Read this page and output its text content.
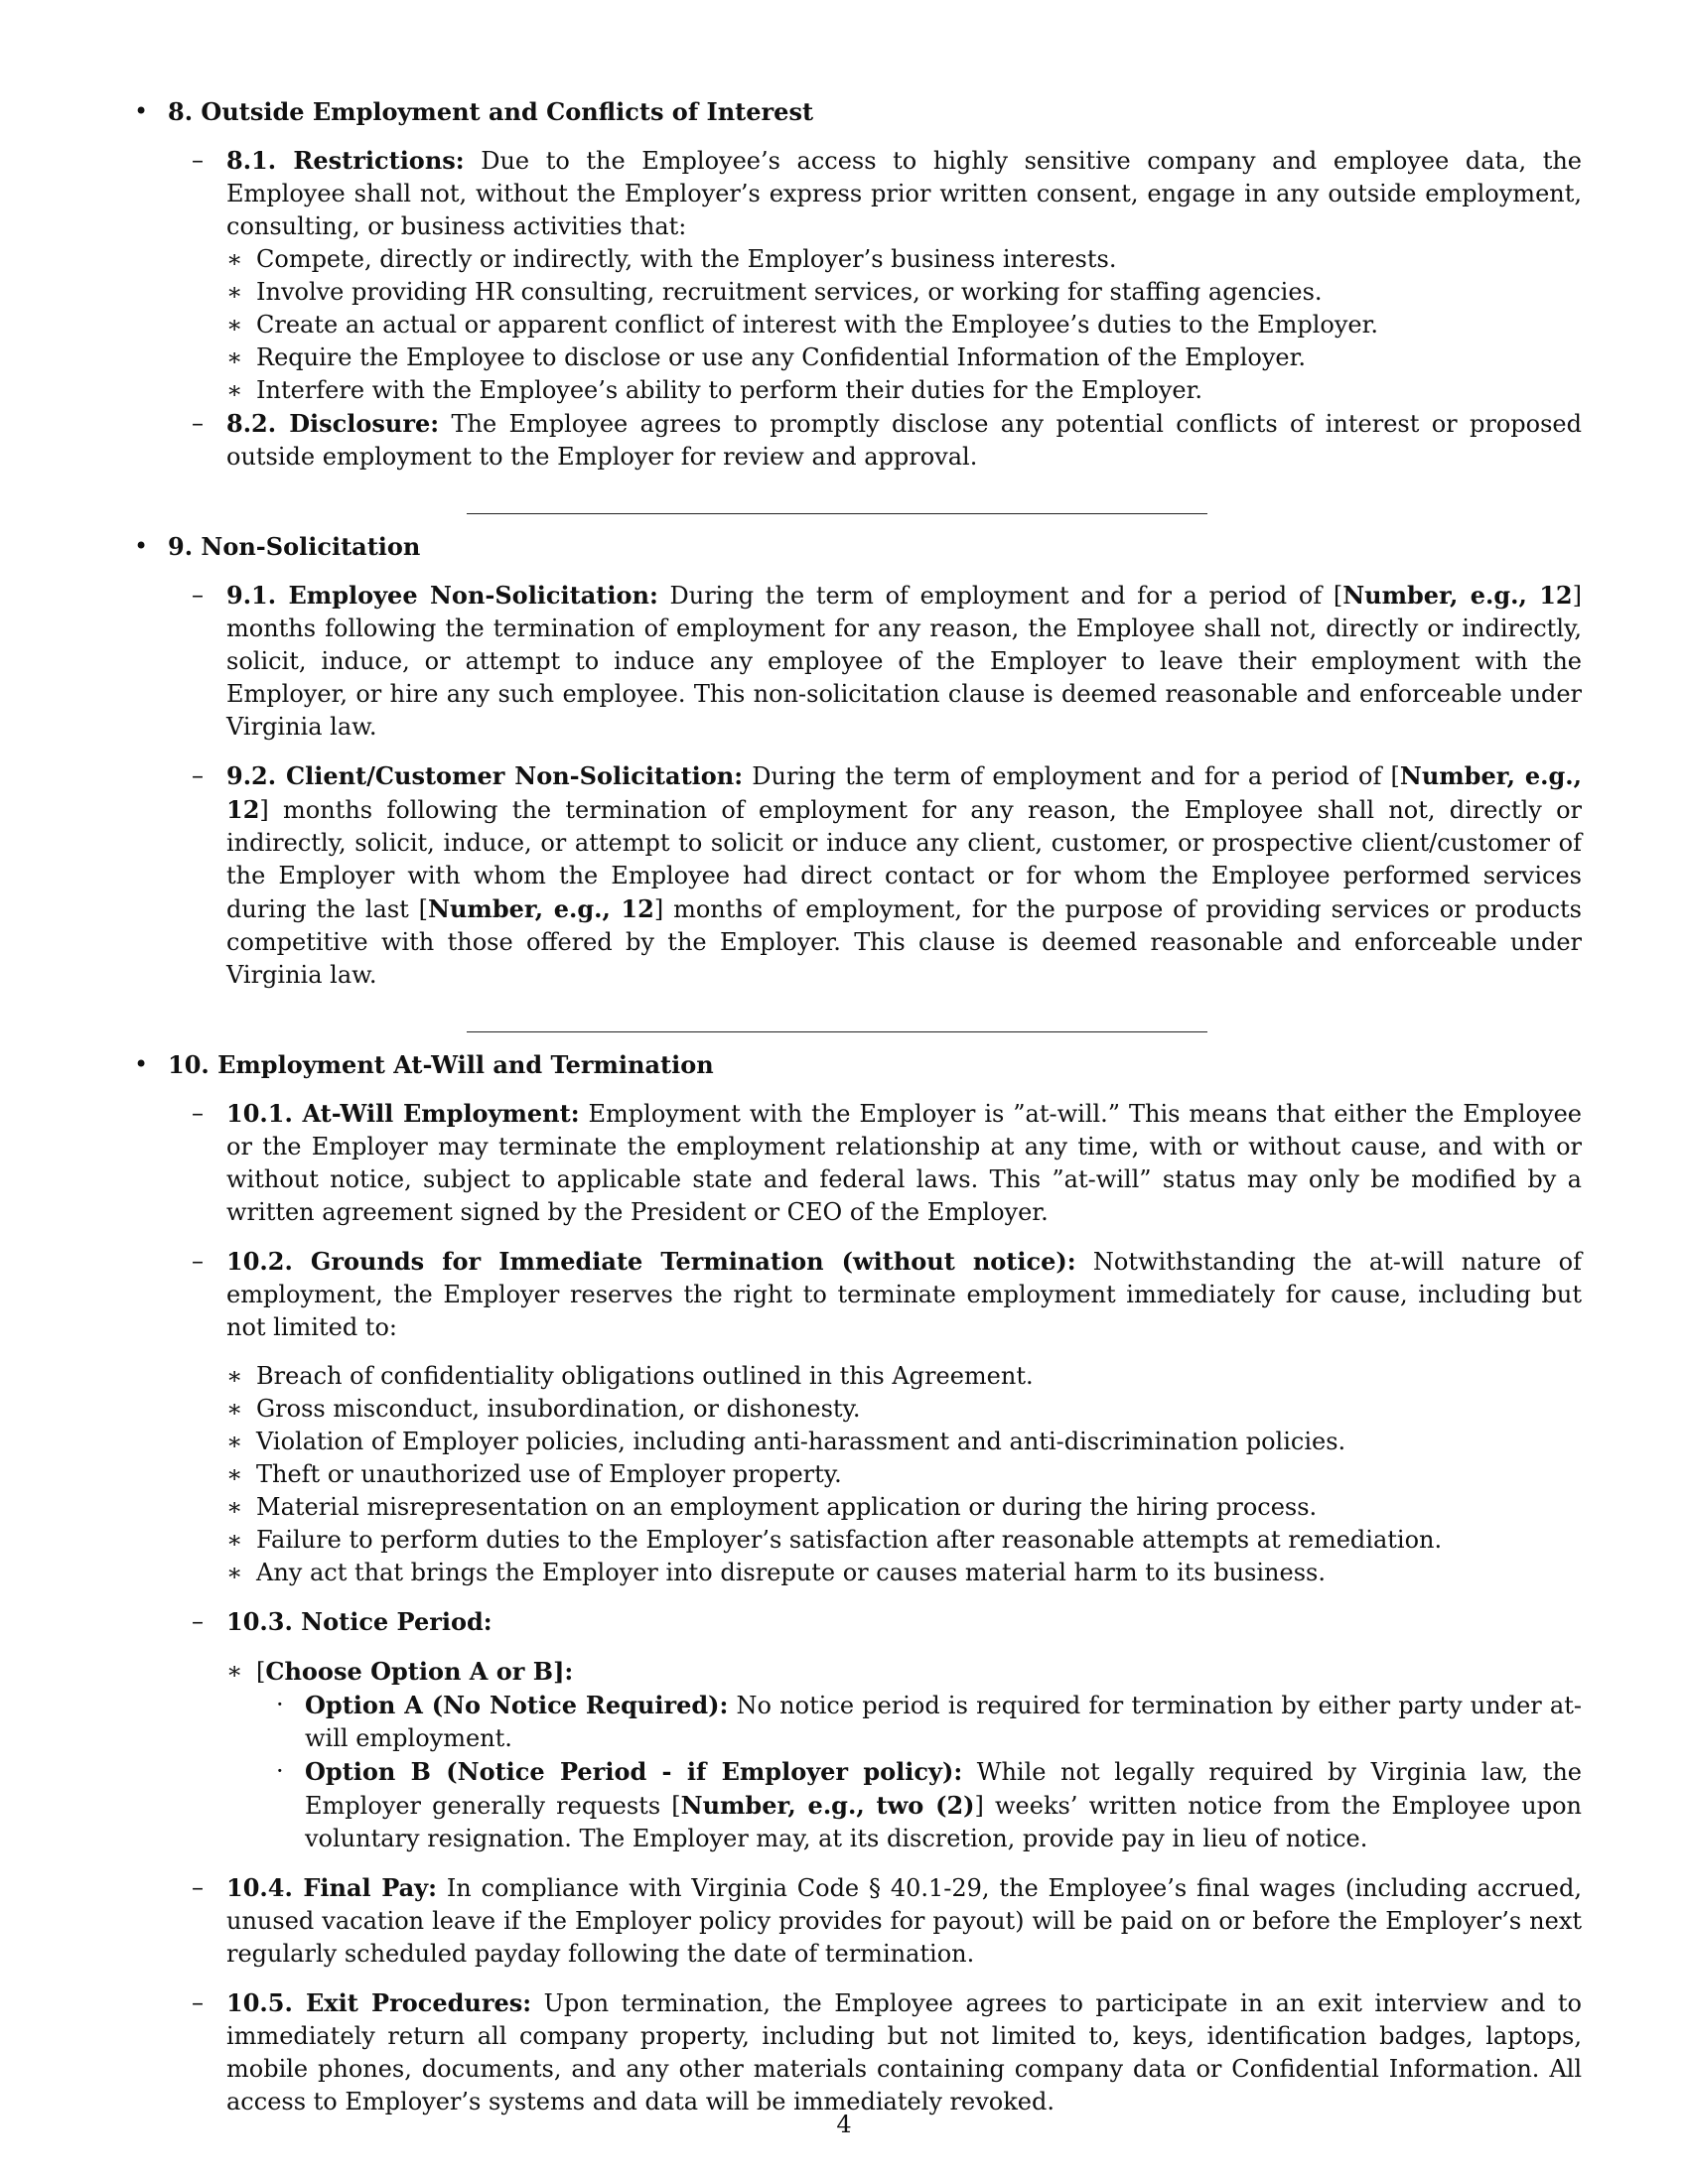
• 8. Outside Employment and Conflicts of Interest
– 8.1. Restrictions: Due to the Employee’s access to highly sensitive company and employee data, the Employee shall not, without the Employer’s express prior written consent, engage in any outside employment, consulting, or business activities that:
∗ Compete, directly or indirectly, with the Employer’s business interests.
∗ Involve providing HR consulting, recruitment services, or working for staffing agencies.
∗ Create an actual or apparent conflict of interest with the Employee’s duties to the Employer.
∗ Require the Employee to disclose or use any Confidential Information of the Employer.
∗ Interfere with the Employee’s ability to perform their duties for the Employer.
– 8.2. Disclosure: The Employee agrees to promptly disclose any potential conflicts of interest or proposed outside employment to the Employer for review and approval.
• 9. Non-Solicitation
– 9.1. Employee Non-Solicitation: During the term of employment and for a period of [Number, e.g., 12] months following the termination of employment for any reason, the Employee shall not, directly or indirectly, solicit, induce, or attempt to induce any employee of the Employer to leave their employment with the Employer, or hire any such employee. This non-solicitation clause is deemed reasonable and enforceable under Virginia law.
– 9.2. Client/Customer Non-Solicitation: During the term of employment and for a period of [Number, e.g., 12] months following the termination of employment for any reason, the Employee shall not, directly or indirectly, solicit, induce, or attempt to solicit or induce any client, customer, or prospective client/customer of the Employer with whom the Employee had direct contact or for whom the Employee performed services during the last [Number, e.g., 12] months of employment, for the purpose of providing services or products competitive with those offered by the Employer. This clause is deemed reasonable and enforceable under Virginia law.
• 10. Employment At-Will and Termination
– 10.1. At-Will Employment: Employment with the Employer is ”at-will.” This means that either the Employee or the Employer may terminate the employment relationship at any time, with or without cause, and with or without notice, subject to applicable state and federal laws. This ”at-will” status may only be modified by a written agreement signed by the President or CEO of the Employer.
– 10.2. Grounds for Immediate Termination (without notice): Notwithstanding the at-will nature of employment, the Employer reserves the right to terminate employment immediately for cause, including but not limited to:
∗ Breach of confidentiality obligations outlined in this Agreement.
∗ Gross misconduct, insubordination, or dishonesty.
∗ Violation of Employer policies, including anti-harassment and anti-discrimination policies.
∗ Theft or unauthorized use of Employer property.
∗ Material misrepresentation on an employment application or during the hiring process.
∗ Failure to perform duties to the Employer’s satisfaction after reasonable attempts at remediation.
∗ Any act that brings the Employer into disrepute or causes material harm to its business.
– 10.3. Notice Period:
∗ [Choose Option A or B]:
· Option A (No Notice Required): No notice period is required for termination by either party under at-will employment.
· Option B (Notice Period - if Employer policy): While not legally required by Virginia law, the Employer generally requests [Number, e.g., two (2)] weeks’ written notice from the Employee upon voluntary resignation. The Employer may, at its discretion, provide pay in lieu of notice.
– 10.4. Final Pay: In compliance with Virginia Code § 40.1-29, the Employee’s final wages (including accrued, unused vacation leave if the Employer policy provides for payout) will be paid on or before the Employer’s next regularly scheduled payday following the date of termination.
– 10.5. Exit Procedures: Upon termination, the Employee agrees to participate in an exit interview and to immediately return all company property, including but not limited to, keys, identification badges, laptops, mobile phones, documents, and any other materials containing company data or Confidential Information. All access to Employer’s systems and data will be immediately revoked.
4
